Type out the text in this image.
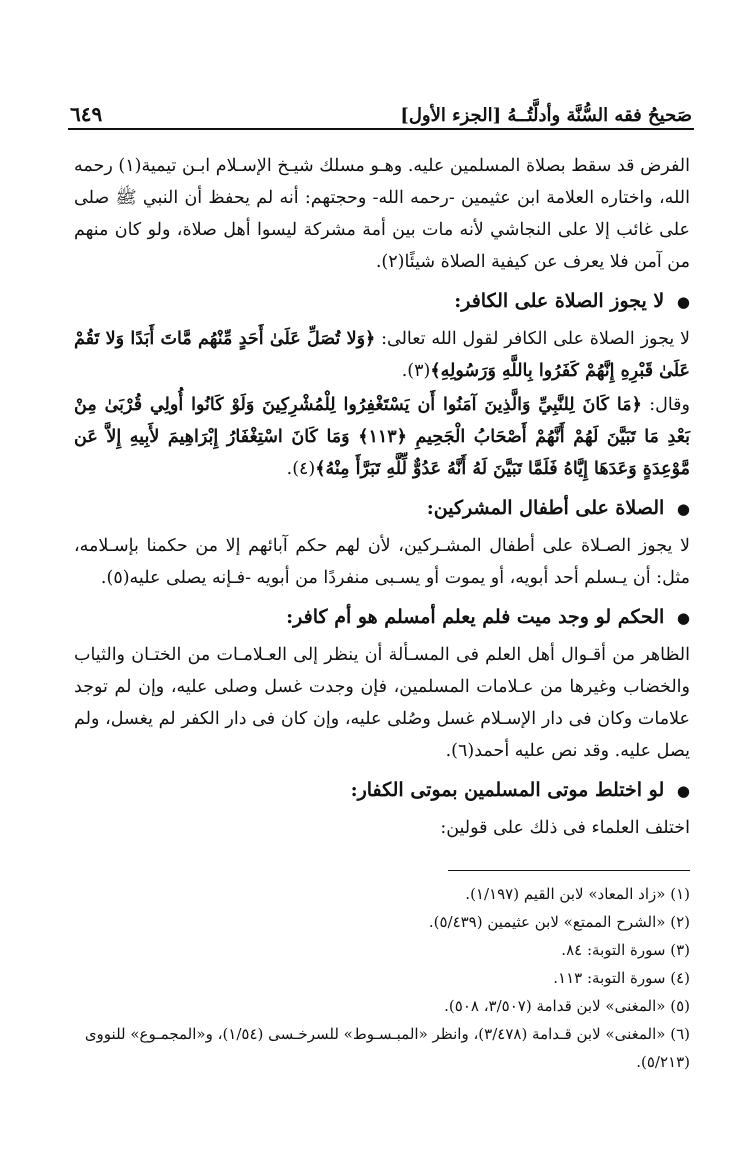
٦٤٩	صَحيحُ فقه السُّنَّة وأدلَّتُــهُ [الجزء الأول]

الفرض قد سقط بصلاة المسلمين عليه. وهـو مسلك شيـخ الإسـلام ابـن تيمية(١) رحمه الله، واختاره العلامة ابن عثيمين -رحمه الله- وحجتهم: أنه لم يحفظ أن النبي ﷺ صلى على غائب إلا على النجاشي لأنه مات بين أمة مشركة ليسوا أهل صلاة، ولو كان منهم من آمن فلا يعرف عن كيفية الصلاة شيئًا(٢).

● لا يجوز الصلاة على الكافر:

لا يجوز الصلاة على الكافر لقول الله تعالى: ﴿وَلا تُصَلِّ عَلَىٰ أَحَدٍ مِّنْهُم مَّاتَ أَبَدًا وَلا تَقُمْ عَلَىٰ قَبْرِهِ إِنَّهُمْ كَفَرُوا بِاللَّهِ وَرَسُولِهِ﴾(٣).

وقال: ﴿مَا كَانَ لِلنَّبِيِّ وَالَّذِينَ آمَنُوا أَن يَسْتَغْفِرُوا لِلْمُشْرِكِينَ وَلَوْ كَانُوا أُولِي قُرْبَىٰ مِنْ بَعْدِ مَا تَبَيَّنَ لَهُمْ أَنَّهُمْ أَصْحَابُ الْجَحِيمِ ﴿١١٣﴾ وَمَا كَانَ اسْتِغْفَارُ إِبْرَاهِيمَ لأَبِيهِ إِلاَّ عَن مَّوْعِدَةٍ وَعَدَهَا إِيَّاهُ فَلَمَّا تَبَيَّنَ لَهُ أَنَّهُ عَدُوٌّ لِّلَّهِ تَبَرَّأَ مِنْهُ﴾(٤).

● الصلاة على أطفال المشركين:

لا يجوز الصـلاة على أطفال المشـركين، لأن لهم حكم آبائهم إلا من حكمنا بإسـلامه، مثل: أن يـسلم أحد أبويه، أو يموت أو يسـبى منفردًا من أبويه -فـإنه يصلى عليه(٥).

● الحكم لو وجد ميت فلم يعلم أمسلم هو أم كافر:

الظاهر من أقـوال أهل العلم فى المسـألة أن ينظر إلى العـلامـات من الختـان والثياب والخضاب وغيرها من عـلامات المسلمين، فإن وجدت غسل وصلى عليه، وإن لم توجد علامات وكان فى دار الإسـلام غسل وصُلى عليه، وإن كان فى دار الكفر لم يغسل، ولم يصل عليه. وقد نص عليه أحمد(٦).

● لو اختلط موتى المسلمين بموتى الكفار:

اختلف العلماء فى ذلك على قولين:

(١) «زاد المعاد» لابن القيم (١/١٩٧).

(٢) «الشرح الممتع» لابن عثيمين (٥/٤٣٩).

(٣) سورة التوبة: ٨٤.

(٤) سورة التوبة: ١١٣.

(٥) «المغنى» لابن قدامة (٣/٥٠٧، ٥٠٨).

(٦) «المغنى» لابن قـدامة (٣/٤٧٨)، وانظر «المبـسـوط» للسرخـسى (١/٥٤)، و«المجمـوع» للنووى (٥/٢١٣).
